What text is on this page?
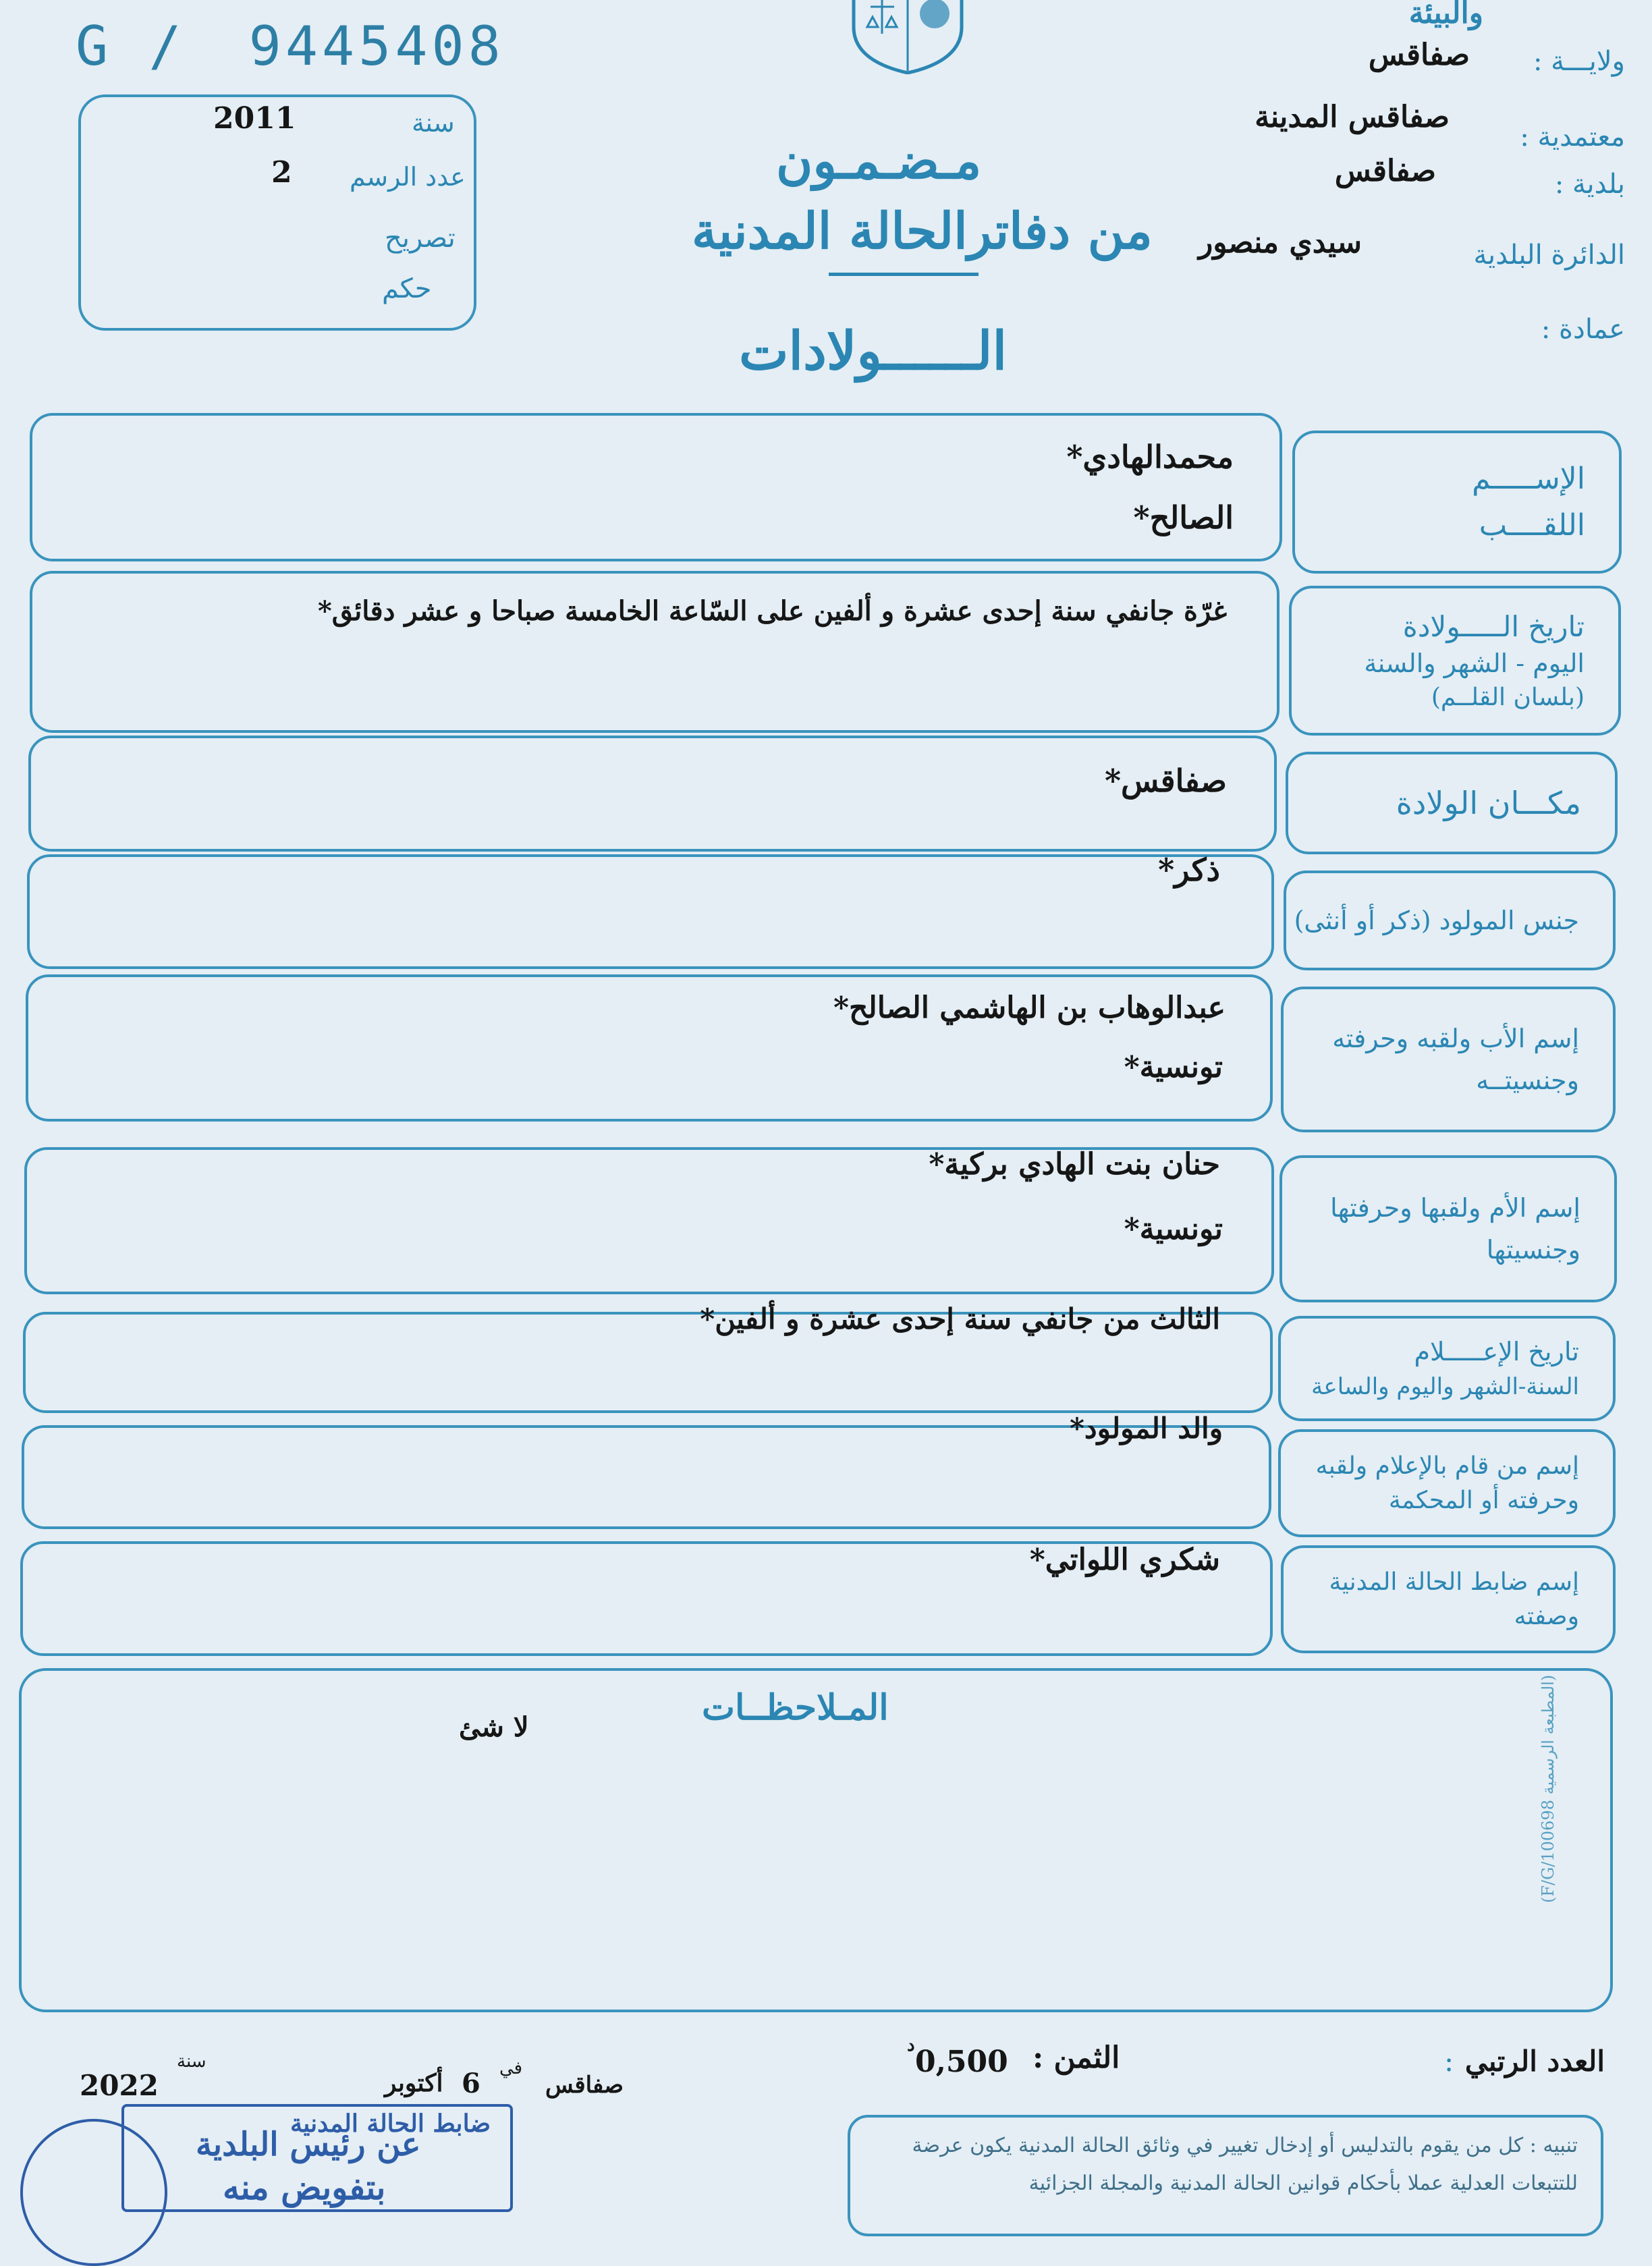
G / 9445408
والبيئة
ولايـــة :
صفاقس
معتمدية :
صفاقس المدينة
بلدية :
صفاقس
الدائرة البلدية
سيدي منصور
عمادة :
مـضـمـون
من دفاترالحالة المدنية
الــــــولادات
2011	سنة
2 عدد الرسم
تصريح
حكم
الإســـــم
اللقــــب
محمدالهادي*
الصالح*
تاريخ الـــــولادة
اليوم - الشهر والسنة
(بلسان القلــم)
غرّة جانفي سنة إحدى عشرة و ألفين على السّاعة الخامسة صباحا و عشر دقائق*
مكـــان الولادة
صفاقس*
جنس المولود (ذكر أو أنثى)
ذكر*
إسم الأب ولقبه وحرفته
وجنسيتــه
عبدالوهاب بن الهاشمي الصالح*
تونسية*
إسم الأم ولقبها وحرفتها
وجنسيتها
حنان بنت الهادي بركية*
تونسية*
تاريخ الإعـــــلام
السنة-الشهر واليوم والساعة
الثالث من جانفي سنة إحدى عشرة و ألفين*
إسم من قام بالإعلام ولقبه
وحرفته أو المحكمة
والد المولود*
إسم ضابط الحالة المدنية
وصفته
شكري اللواتي*
المـلاحظــات
لا شئ
(المطبعة الرسمية F/G/100698)
العدد الرتبي
:
الثمن :
0,500
د
صفاقس
في
6
أكتوبر
سنة
2022
ضابط الحالة المدنية
عن رئيس البلدية
بتفويض منه
تنبيه : كل من يقوم بالتدليس أو إدخال تغيير في وثائق الحالة المدنية يكون عرضة
للتتبعات العدلية عملا بأحكام قوانين الحالة المدنية والمجلة الجزائية
